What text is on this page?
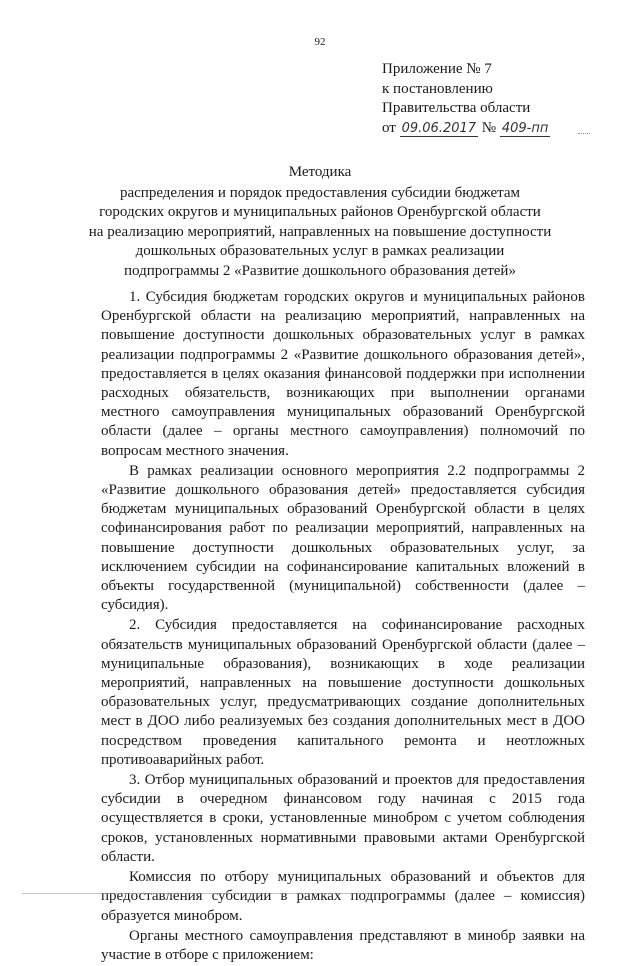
92
Приложение № 7
к постановлению
Правительства области
от 09.06.2017 № 409-пп
Методика
распределения и порядок предоставления субсидии бюджетам
городских округов и муниципальных районов Оренбургской области
на реализацию мероприятий, направленных на повышение доступности
дошкольных образовательных услуг в рамках реализации
подпрограммы 2 «Развитие дошкольного образования детей»

1. Субсидия бюджетам городских округов и муниципальных районов Оренбургской области на реализацию мероприятий, направленных на повышение доступности дошкольных образовательных услуг в рамках реализации подпрограммы 2 «Развитие дошкольного образования детей», предоставляется в целях оказания финансовой поддержки при исполнении расходных обязательств, возникающих при выполнении органами местного самоуправления муниципальных образований Оренбургской области (далее – органы местного самоуправления) полномочий по вопросам местного значения.

В рамках реализации основного мероприятия 2.2 подпрограммы 2 «Развитие дошкольного образования детей» предоставляется субсидия бюджетам муниципальных образований Оренбургской области в целях софинансирования работ по реализации мероприятий, направленных на повышение доступности дошкольных образовательных услуг, за исключением субсидии на софинансирование капитальных вложений в объекты государственной (муниципальной) собственности (далее – субсидия).

2. Субсидия предоставляется на софинансирование расходных обязательств муниципальных образований Оренбургской области (далее – муниципальные образования), возникающих в ходе реализации мероприятий, направленных на повышение доступности дошкольных образовательных услуг, предусматривающих создание дополнительных мест в ДОО либо реализуемых без создания дополнительных мест в ДОО посредством проведения капитального ремонта и неотложных противоаварийных работ.

3. Отбор муниципальных образований и проектов для предоставления субсидии в очередном финансовом году начиная с 2015 года осуществляется в сроки, установленные минобром с учетом соблюдения сроков, установленных нормативными правовыми актами Оренбургской области.

Комиссия по отбору муниципальных образований и объектов для предоставления субсидии в рамках подпрограммы (далее – комиссия) образуется минобром.

Органы местного самоуправления представляют в минобр заявки на участие в отборе с приложением:
